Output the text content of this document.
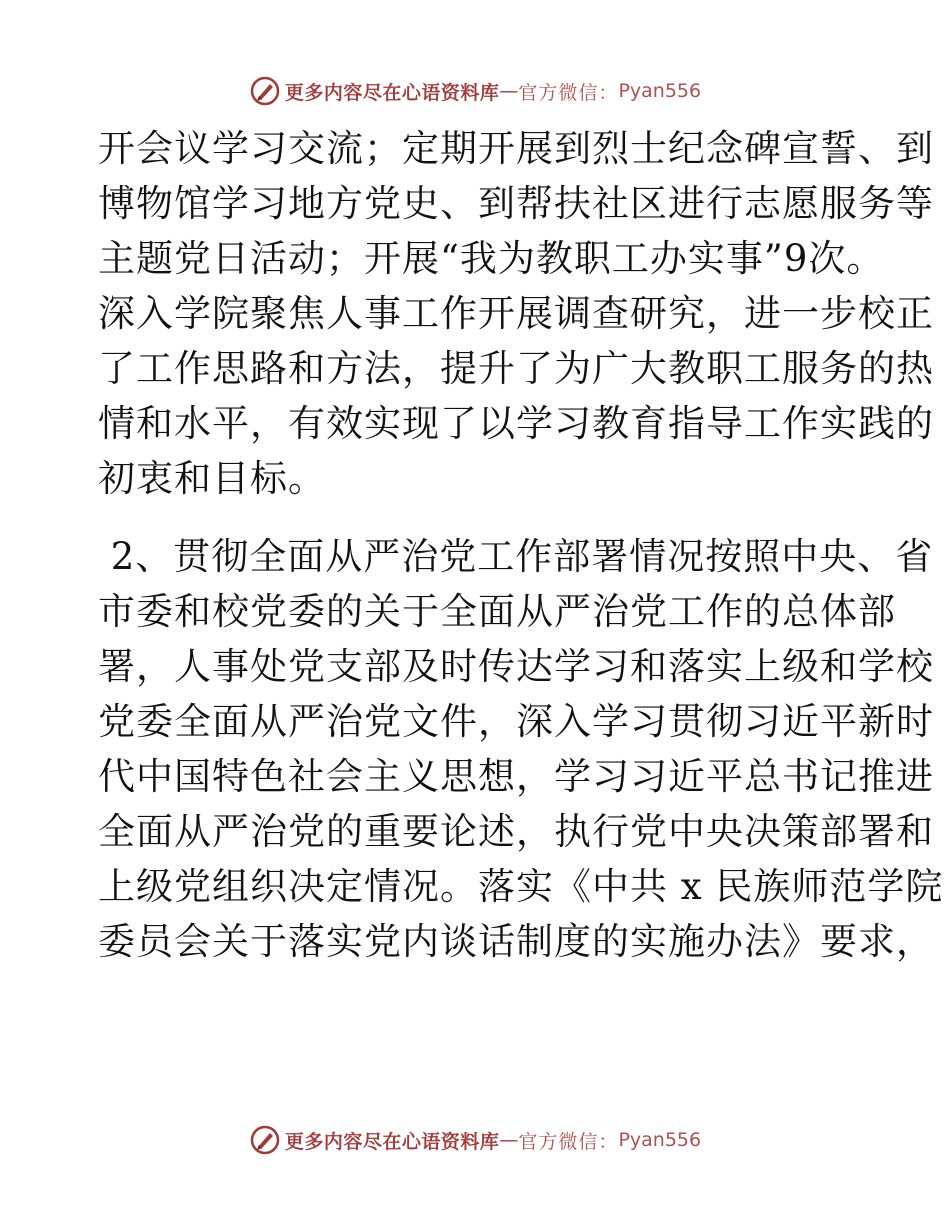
更多内容尽在心语资料库 — 官方微信： Pyan556
开会议学习交流；定期开展到烈士纪念碑宣誓、到
博物馆学习地方党史、到帮扶社区进行志愿服务等
主题党日活动；开展“我为教职工办实事”9次。
深入学院聚焦人事工作开展调查研究，进一步校正
了工作思路和方法，提升了为广大教职工服务的热
情和水平，有效实现了以学习教育指导工作实践的
初衷和目标。
2、贯彻全面从严治党工作部署情况按照中央、省
市委和校党委的关于全面从严治党工作的总体部
署，人事处党支部及时传达学习和落实上级和学校
党委全面从严治党文件，深入学习贯彻习近平新时
代中国特色社会主义思想，学习习近平总书记推进
全面从严治党的重要论述，执行党中央决策部署和
上级党组织决定情况。落实《中共 x 民族师范学院
委员会关于落实党内谈话制度的实施办法》要求，
更多内容尽在心语资料库 — 官方微信： Pyan556
